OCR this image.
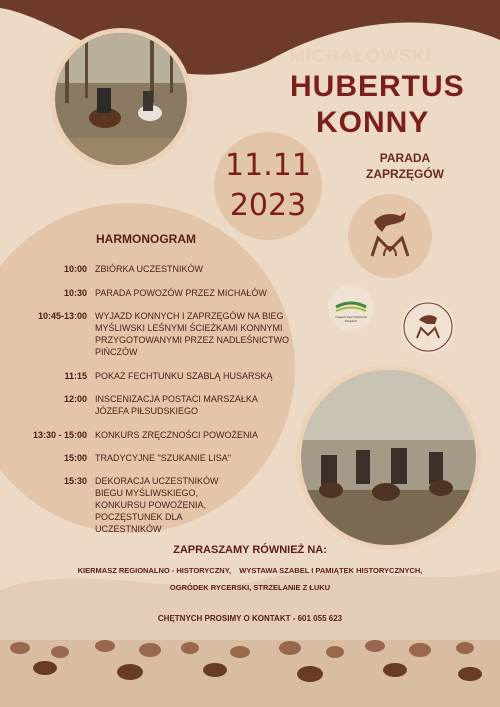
MICHAŁOWSKI
HUBERTUS
KONNY
PARADA
ZAPRZĘGÓW
11.11
2023
HARMONOGRAM
10:00 ZBIÓRKA UCZESTNIKÓW
10:30 PARADA POWOZÓW PRZEZ MICHAŁÓW
10:45-13:00 WYJAZD KONNYCH I ZAPRZĘGÓW NA BIEG MYŚLIWSKI LEŚNYMI ŚCIEŻKAMI KONNYMI PRZYGOTOWANYMI PRZEZ NADLEŚNICTWO PIŃCZÓW
11:15 POKAZ FECHTUNKU SZABLĄ HUSARSKĄ
12:00 INSCENIZACJA POSTACI MARSZAŁKA JÓZEFA PIŁSUDSKIEGO
13:30 - 15:00 KONKURS ZRĘCZNOŚCI POWOŻENIA
15:00 TRADYCYJNE "SZUKANIE LISA"
15:30 DEKORACJA UCZESTNIKÓW BIEGU MYŚLIWSKIEGO, KONKURSU POWOŻENIA, POCZĘSTUNEK DLA UCZESTNIKÓW
Krajowa Sieć Obszarów Wiejskich
ZAPRASZAMY RÓWNIEŻ NA:
KIERMASZ REGIONALNO - HISTORYCZNY,    WYSTAWA SZABEL I PAMIĄTEK HISTORYCZNYCH,
OGRÓDEK RYCERSKI, STRZELANIE Z ŁUKU
CHĘTNYCH PROSIMY O KONTAKT - 601 055 623
